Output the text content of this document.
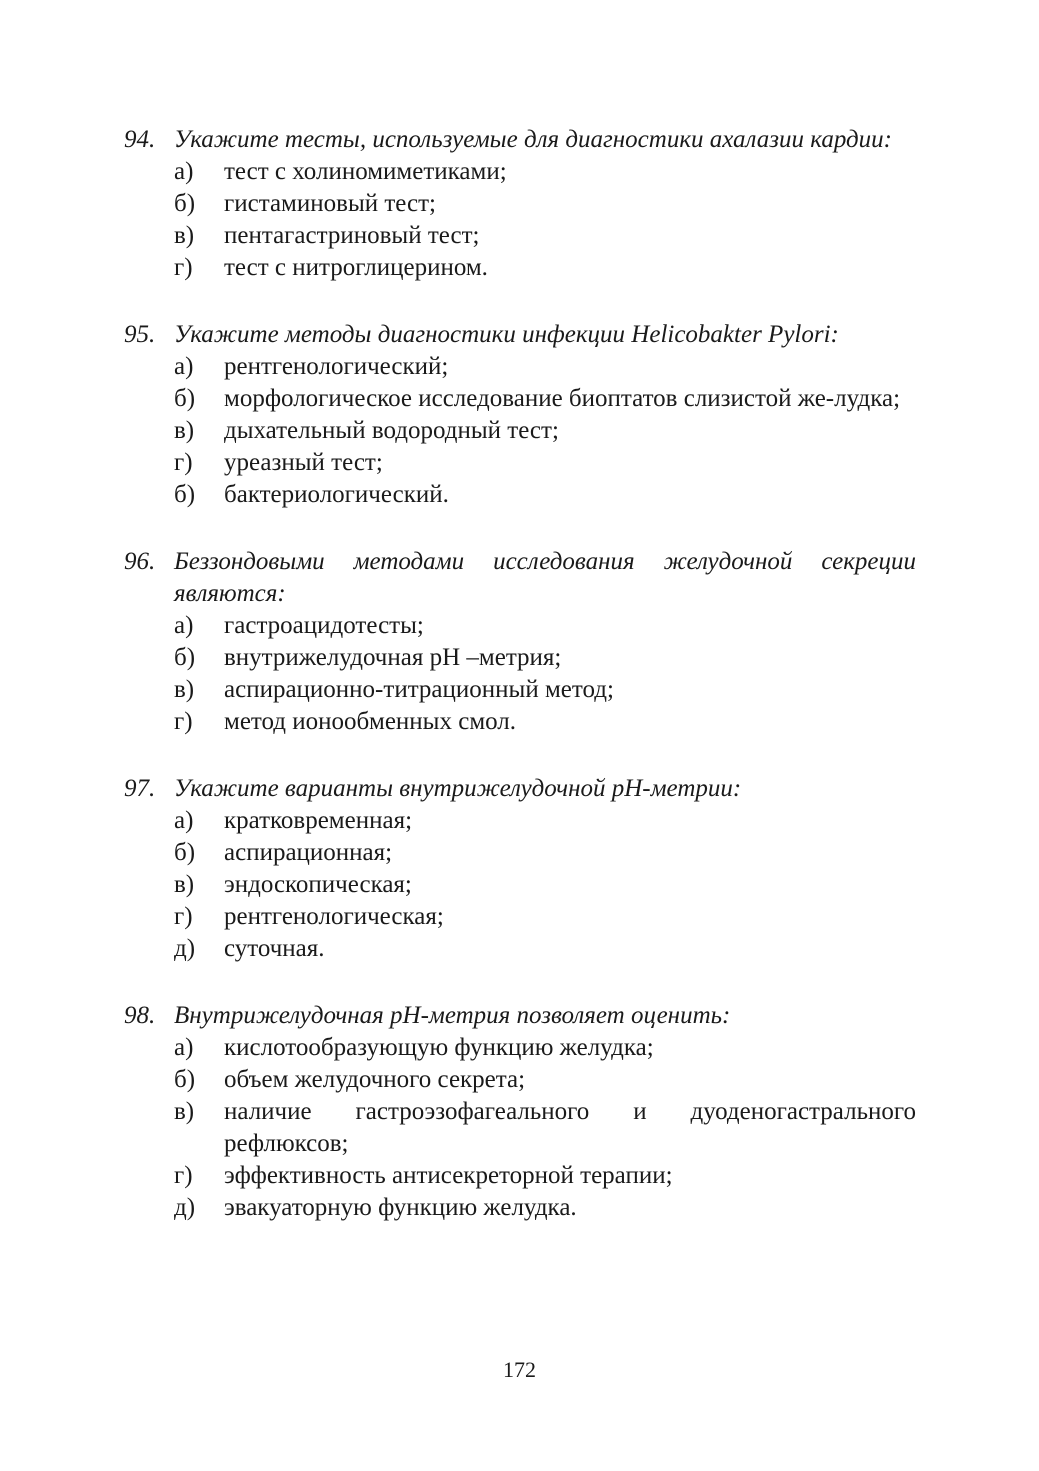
94. Укажите тесты, используемые для диагностики ахалазии кардии:
а)	тест с холиномиметиками;
б)	гистаминовый тест;
в)	пентагастриновый тест;
г)	тест с нитроглицерином.
95. Укажите методы диагностики инфекции Helicobakter Pylori:
а)	рентгенологический;
б)	морфологическое исследование биоптатов слизистой же-лудка;
в)	дыхательный водородный тест;
г)	уреазный тест;
б)	бактериологический.
96. Беззондовыми методами исследования желудочной секреции являются:
а)	гастроацидотесты;
б)	внутрижелудочная рН –метрия;
в)	аспирационно-титрационный метод;
г)	метод ионообменных смол.
97. Укажите варианты внутрижелудочной рН-метрии:
а)	кратковременная;
б)	аспирационная;
в)	эндоскопическая;
г)	рентгенологическая;
д)	суточная.
98. Внутрижелудочная рН-метрия позволяет оценить:
а)	кислотообразующую функцию желудка;
б)	объем желудочного секрета;
в)	наличие гастроэзофагеального и дуоденогастрального рефлюксов;
г)	эффективность антисекреторной терапии;
д)	эвакуаторную функцию желудка.
172
